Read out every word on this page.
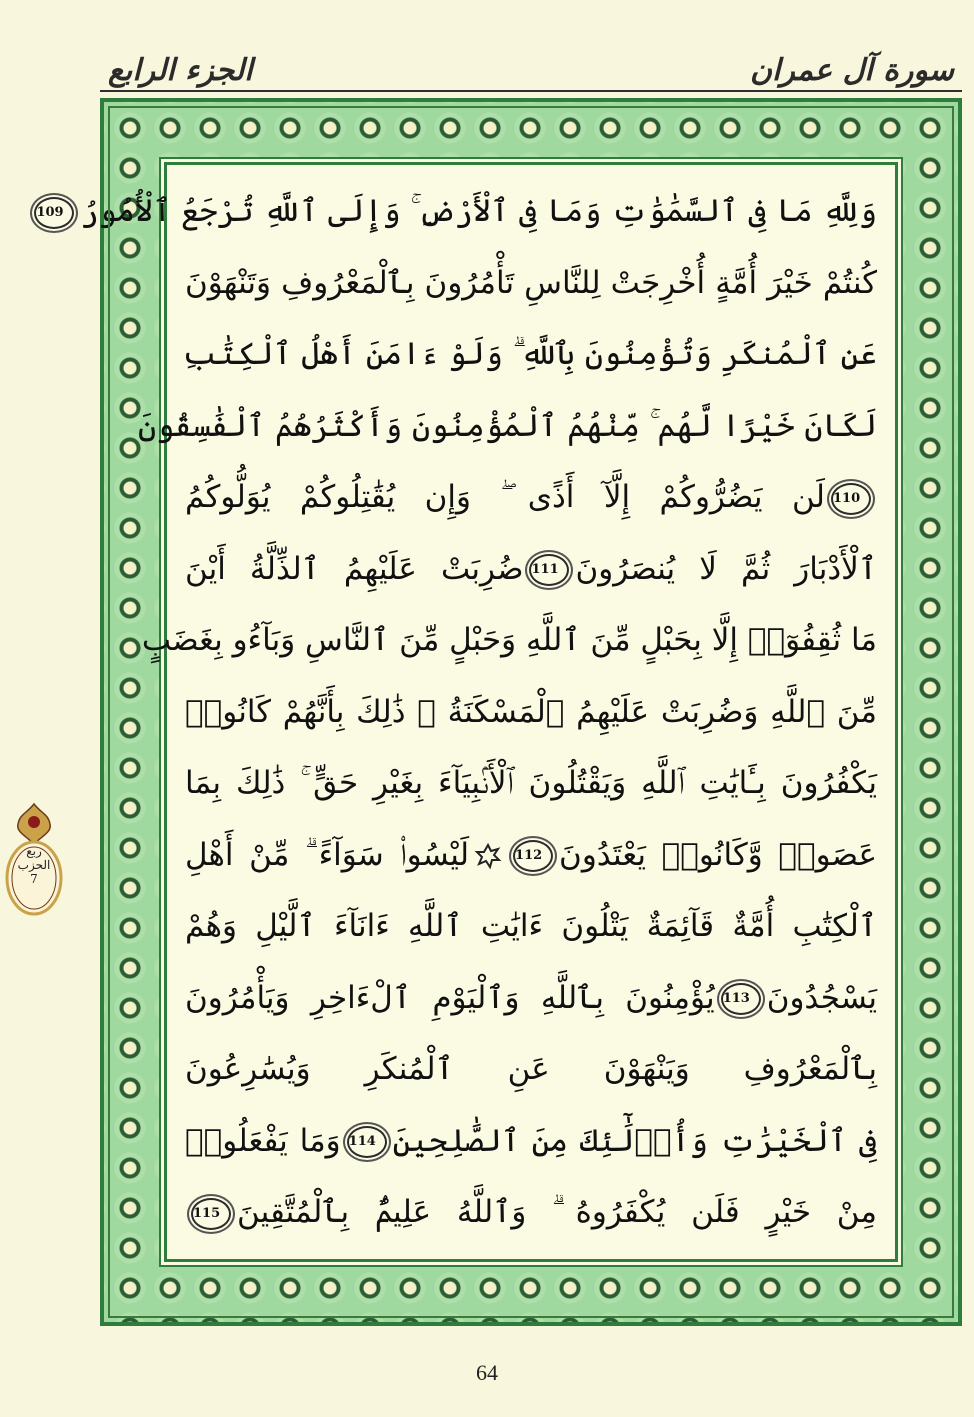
الجزء الرابع	سورة آل عمران
وَلِلَّهِ مَا فِى ٱلسَّمَٰوَٰتِ وَمَا فِى ٱلْأَرْضِ ۚ وَإِلَى ٱللَّهِ تُرْجَعُ ٱلْأُمُورُ109
كُنتُمْ خَيْرَ أُمَّةٍ أُخْرِجَتْ لِلنَّاسِ تَأْمُرُونَ بِٱلْمَعْرُوفِ وَتَنْهَوْنَ
عَنِ ٱلْمُنكَرِ وَتُؤْمِنُونَ بِٱللَّهِ ۗ وَلَوْ ءَامَنَ أَهْلُ ٱلْكِتَٰبِ
لَكَانَ خَيْرًا لَّهُم ۚ مِّنْهُمُ ٱلْمُؤْمِنُونَ وَأَكْثَرُهُمُ ٱلْفَٰسِقُونَ
110لَن يَضُرُّوكُمْ إِلَّآ أَذًى ۖ وَإِن يُقَٰتِلُوكُمْ يُوَلُّوكُمُ
ٱلْأَدْبَارَ ثُمَّ لَا يُنصَرُونَ111ضُرِبَتْ عَلَيْهِمُ ٱلذِّلَّةُ أَيْنَ
مَا ثُقِفُوٓا۟ إِلَّا بِحَبْلٍ مِّنَ ٱللَّهِ وَحَبْلٍ مِّنَ ٱلنَّاسِ وَبَآءُو بِغَضَبٍ
مِّنَ ٱللَّهِ وَضُرِبَتْ عَلَيْهِمُ ٱلْمَسْكَنَةُ ۚ ذَٰلِكَ بِأَنَّهُمْ كَانُوا۟
يَكْفُرُونَ بِـَٔايَٰتِ ٱللَّهِ وَيَقْتُلُونَ ٱلْأَنۢبِيَآءَ بِغَيْرِ حَقٍّ ۚ ذَٰلِكَ بِمَا
عَصَوا۟ وَّكَانُوا۟ يَعْتَدُونَ112لَيْسُوا۟ سَوَآءً ۗ مِّنْ أَهْلِ
ٱلْكِتَٰبِ أُمَّةٌ قَآئِمَةٌ يَتْلُونَ ءَايَٰتِ ٱللَّهِ ءَانَآءَ ٱلَّيْلِ وَهُمْ
يَسْجُدُونَ113يُؤْمِنُونَ بِٱللَّهِ وَٱلْيَوْمِ ٱلْءَاخِرِ وَيَأْمُرُونَ
بِٱلْمَعْرُوفِ وَيَنْهَوْنَ عَنِ ٱلْمُنكَرِ وَيُسَٰرِعُونَ
فِى ٱلْخَيْرَٰتِ وَأُو۟لَٰٓئِكَ مِنَ ٱلصَّٰلِحِينَ114وَمَا يَفْعَلُوا۟
مِنْ خَيْرٍ فَلَن يُكْفَرُوهُ ۗ وَٱللَّهُ عَلِيمٌۢ بِٱلْمُتَّقِينَ115
ربع
الحزب
7
64
